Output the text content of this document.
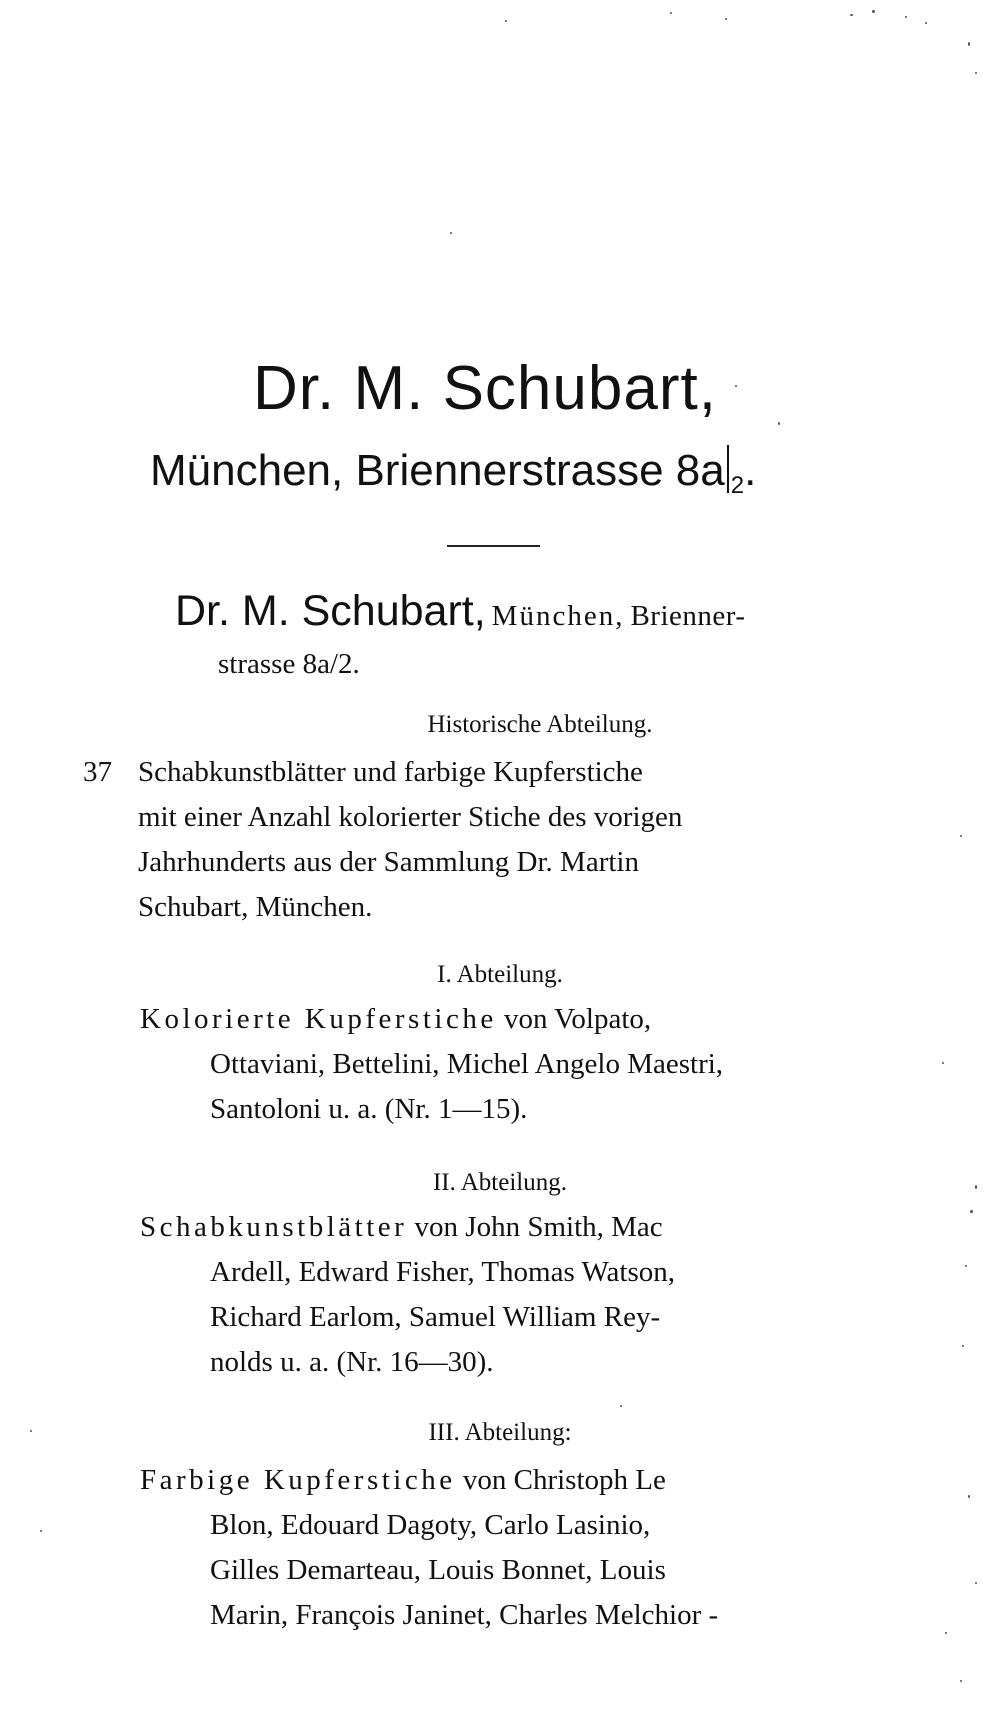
Dr. M. Schubart,
München, Briennerstrasse 8a $_2$.
Dr. M. Schubart, München, Brienner-
strasse 8a/2.
Historische Abteilung.
37 Schabkunstblätter und farbige Kupferstiche
mit einer Anzahl kolorierter Stiche des vorigen
Jahrhunderts aus der Sammlung Dr. Martin
Schubart, München.
I. Abteilung.
Kolorierte Kupferstiche von Volpato,
Ottaviani, Bettelini, Michel Angelo Maestri,
Santoloni u. a. (Nr. 1—15).
II. Abteilung.
Schabkunstblätter von John Smith, Mac
Ardell, Edward Fisher, Thomas Watson,
Richard Earlom, Samuel William Rey-
nolds u. a. (Nr. 16—30).
III. Abteilung:
Farbige Kupferstiche von Christoph Le
Blon, Edouard Dagoty, Carlo Lasinio,
Gilles Demarteau, Louis Bonnet, Louis
Marin, François Janinet, Charles Melchior -
